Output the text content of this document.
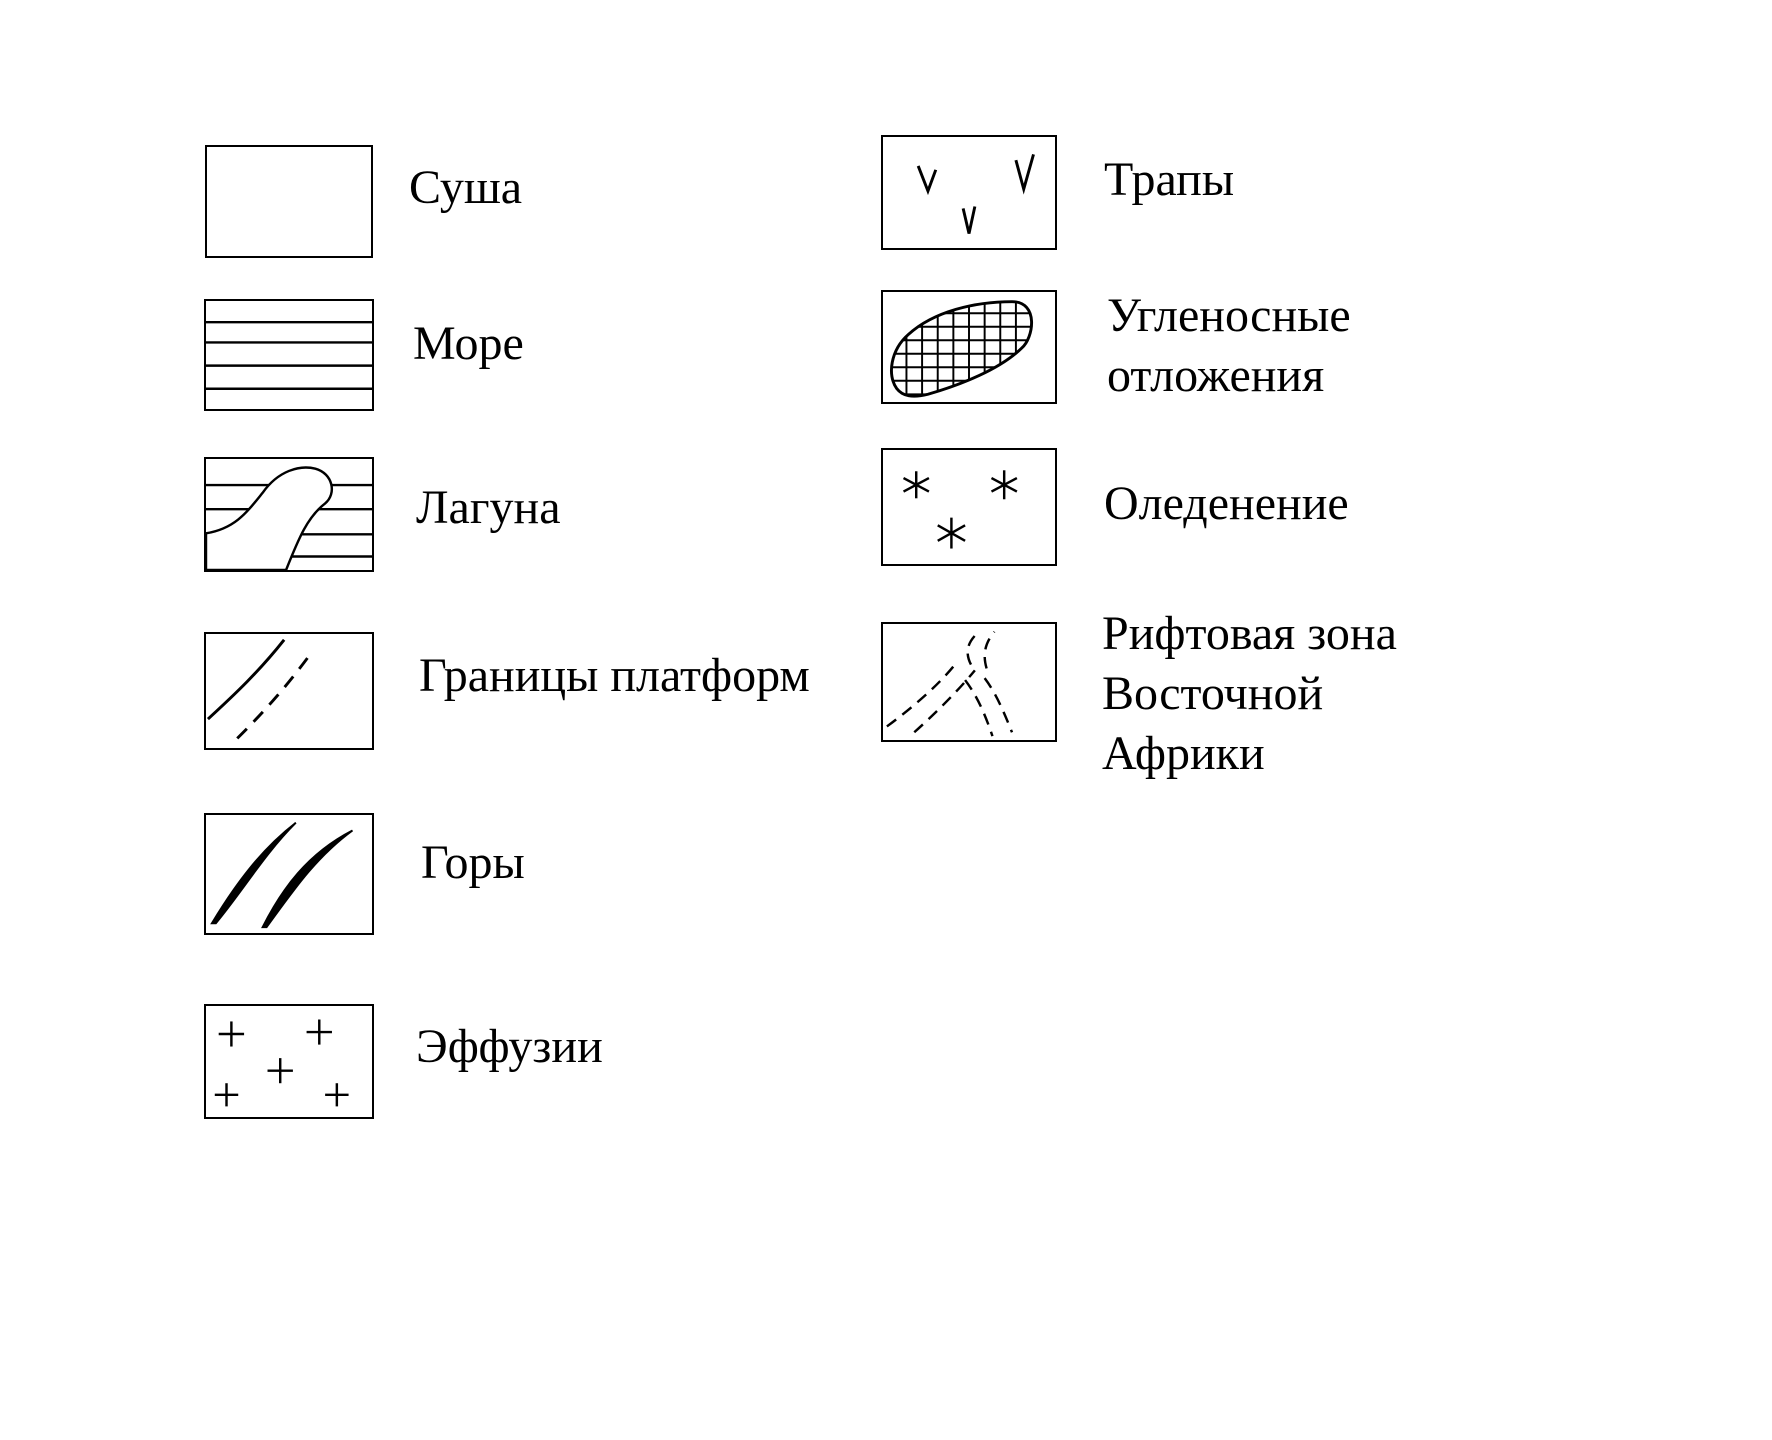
Суша
Море
Лагуна
Границы платформ
Горы
Эффузии
Трапы
Угленосные
отложения
Оледенение
Рифтовая зона
Восточной
Африки
